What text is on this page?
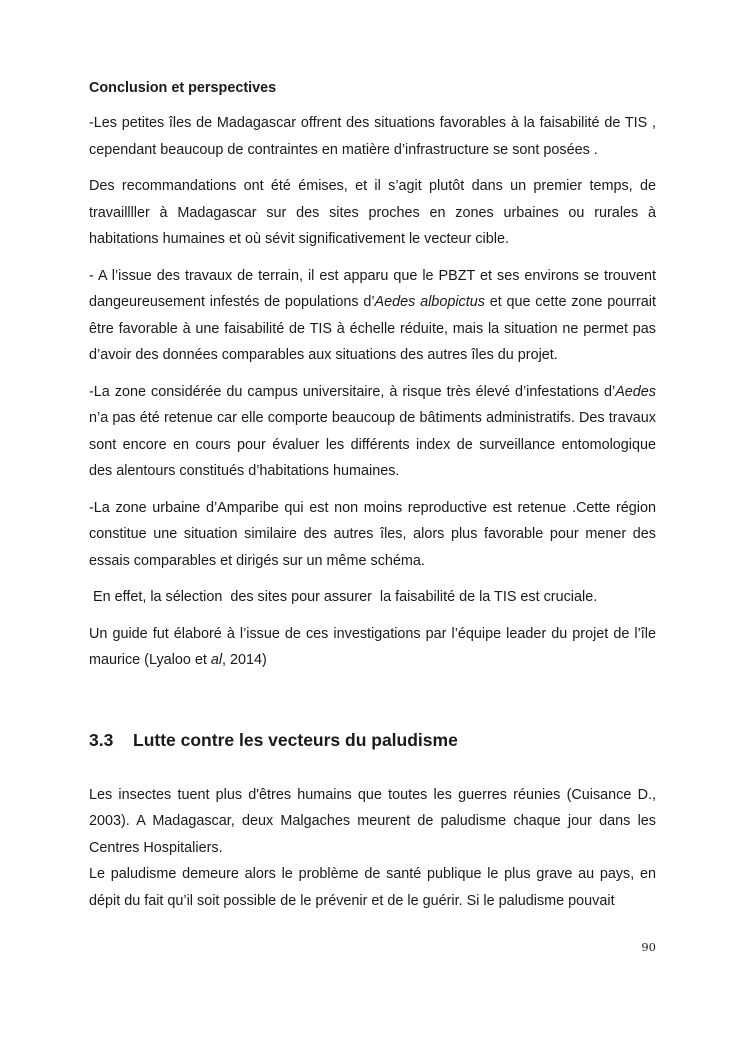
Conclusion et perspectives

-Les petites îles de Madagascar offrent des situations favorables à la faisabilité de TIS , cependant beaucoup de contraintes en matière d’infrastructure se sont posées .

Des recommandations ont été émises, et il s’agit plutôt dans un premier temps, de travaillller à Madagascar sur des sites proches en zones urbaines ou rurales à habitations humaines et où sévit significativement le vecteur cible.

- A l’issue des travaux de terrain, il est apparu que le PBZT et ses environs se trouvent dangeureusement infestés de populations d’Aedes albopictus et que cette zone pourrait être favorable à une faisabilité de TIS à échelle réduite, mais la situation ne permet pas d’avoir des données comparables aux situations des autres îles du projet.

-La zone considérée du campus universitaire, à risque très élevé d’infestations d’Aedes n’a pas été retenue car elle comporte beaucoup de bâtiments administratifs. Des travaux sont encore en cours pour évaluer les différents index de surveillance entomologique des alentours constitués d’habitations humaines.

-La zone urbaine d’Amparibe qui est non moins reproductive est retenue .Cette région constitue une situation similaire des autres îles, alors plus favorable pour mener des essais comparables et dirigés sur un même schéma.

En effet, la sélection  des sites pour assurer  la faisabilité de la TIS est cruciale.

Un guide fut élaboré à l’issue de ces investigations par l’équipe leader du projet de l’île maurice (Lyaloo et al, 2014)

3.3 Lutte contre les vecteurs du paludisme

Les insectes tuent plus d'êtres humains que toutes les guerres réunies (Cuisance D., 2003). A Madagascar, deux Malgaches meurent de paludisme chaque jour dans les Centres Hospitaliers.

Le paludisme demeure alors le problème de santé publique le plus grave au pays, en dépit du fait qu’il soit possible de le prévenir et de le guérir. Si le paludisme pouvait

90
